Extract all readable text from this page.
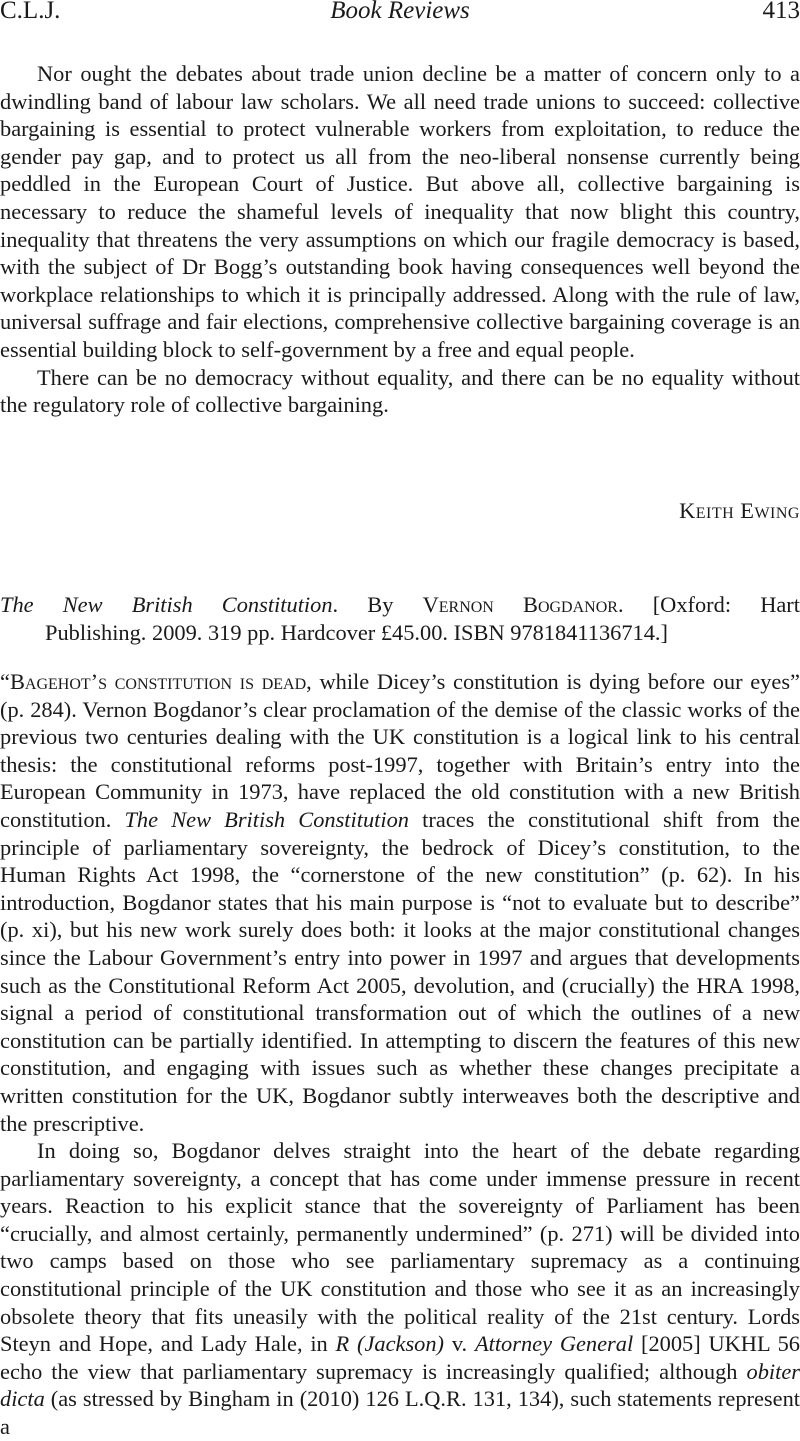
C.L.J.	Book Reviews	413

Nor ought the debates about trade union decline be a matter of concern only to a dwindling band of labour law scholars. We all need trade unions to succeed: collective bargaining is essential to protect vulnerable workers from exploitation, to reduce the gender pay gap, and to protect us all from the neo-liberal nonsense currently being peddled in the European Court of Justice. But above all, collective bargaining is necessary to reduce the shameful levels of inequality that now blight this country, inequality that threatens the very assumptions on which our fragile democracy is based, with the subject of Dr Bogg’s outstanding book having consequences well beyond the workplace relationships to which it is principally addressed. Along with the rule of law, universal suffrage and fair elections, comprehensive collective bargaining coverage is an essential building block to self-government by a free and equal people.

There can be no democracy without equality, and there can be no equality without the regulatory role of collective bargaining.

Keith Ewing
The New British Constitution. By Vernon Bogdanor. [Oxford: Hart
Publishing. 2009. 319 pp. Hardcover £45.00. ISBN 9781841136714.]

“Bagehot’s constitution is dead, while Dicey’s constitution is dying before our eyes” (p. 284). Vernon Bogdanor’s clear proclamation of the demise of the classic works of the previous two centuries dealing with the UK constitution is a logical link to his central thesis: the constitutional reforms post-1997, together with Britain’s entry into the European Community in 1973, have replaced the old constitution with a new British constitution. The New British Constitution traces the constitutional shift from the principle of parliamentary sovereignty, the bedrock of Dicey’s constitution, to the Human Rights Act 1998, the “cornerstone of the new constitution” (p. 62). In his introduction, Bogdanor states that his main purpose is “not to evaluate but to describe” (p. xi), but his new work surely does both: it looks at the major constitutional changes since the Labour Government’s entry into power in 1997 and argues that developments such as the Constitutional Reform Act 2005, devolution, and (crucially) the HRA 1998, signal a period of constitutional transformation out of which the outlines of a new constitution can be partially identified. In attempting to discern the features of this new constitution, and engaging with issues such as whether these changes precipitate a written constitution for the UK, Bogdanor subtly interweaves both the descriptive and the prescriptive.

In doing so, Bogdanor delves straight into the heart of the debate regarding parliamentary sovereignty, a concept that has come under immense pressure in recent years. Reaction to his explicit stance that the sovereignty of Parliament has been “crucially, and almost certainly, permanently undermined” (p. 271) will be divided into two camps based on those who see parliamentary supremacy as a continuing constitutional principle of the UK constitution and those who see it as an increasingly obsolete theory that fits uneasily with the political reality of the 21st century. Lords Steyn and Hope, and Lady Hale, in R (Jackson) v. Attorney General [2005] UKHL 56 echo the view that parliamentary supremacy is increasingly qualified; although obiter dicta (as stressed by Bingham in (2010) 126 L.Q.R. 131, 134), such statements represent a
